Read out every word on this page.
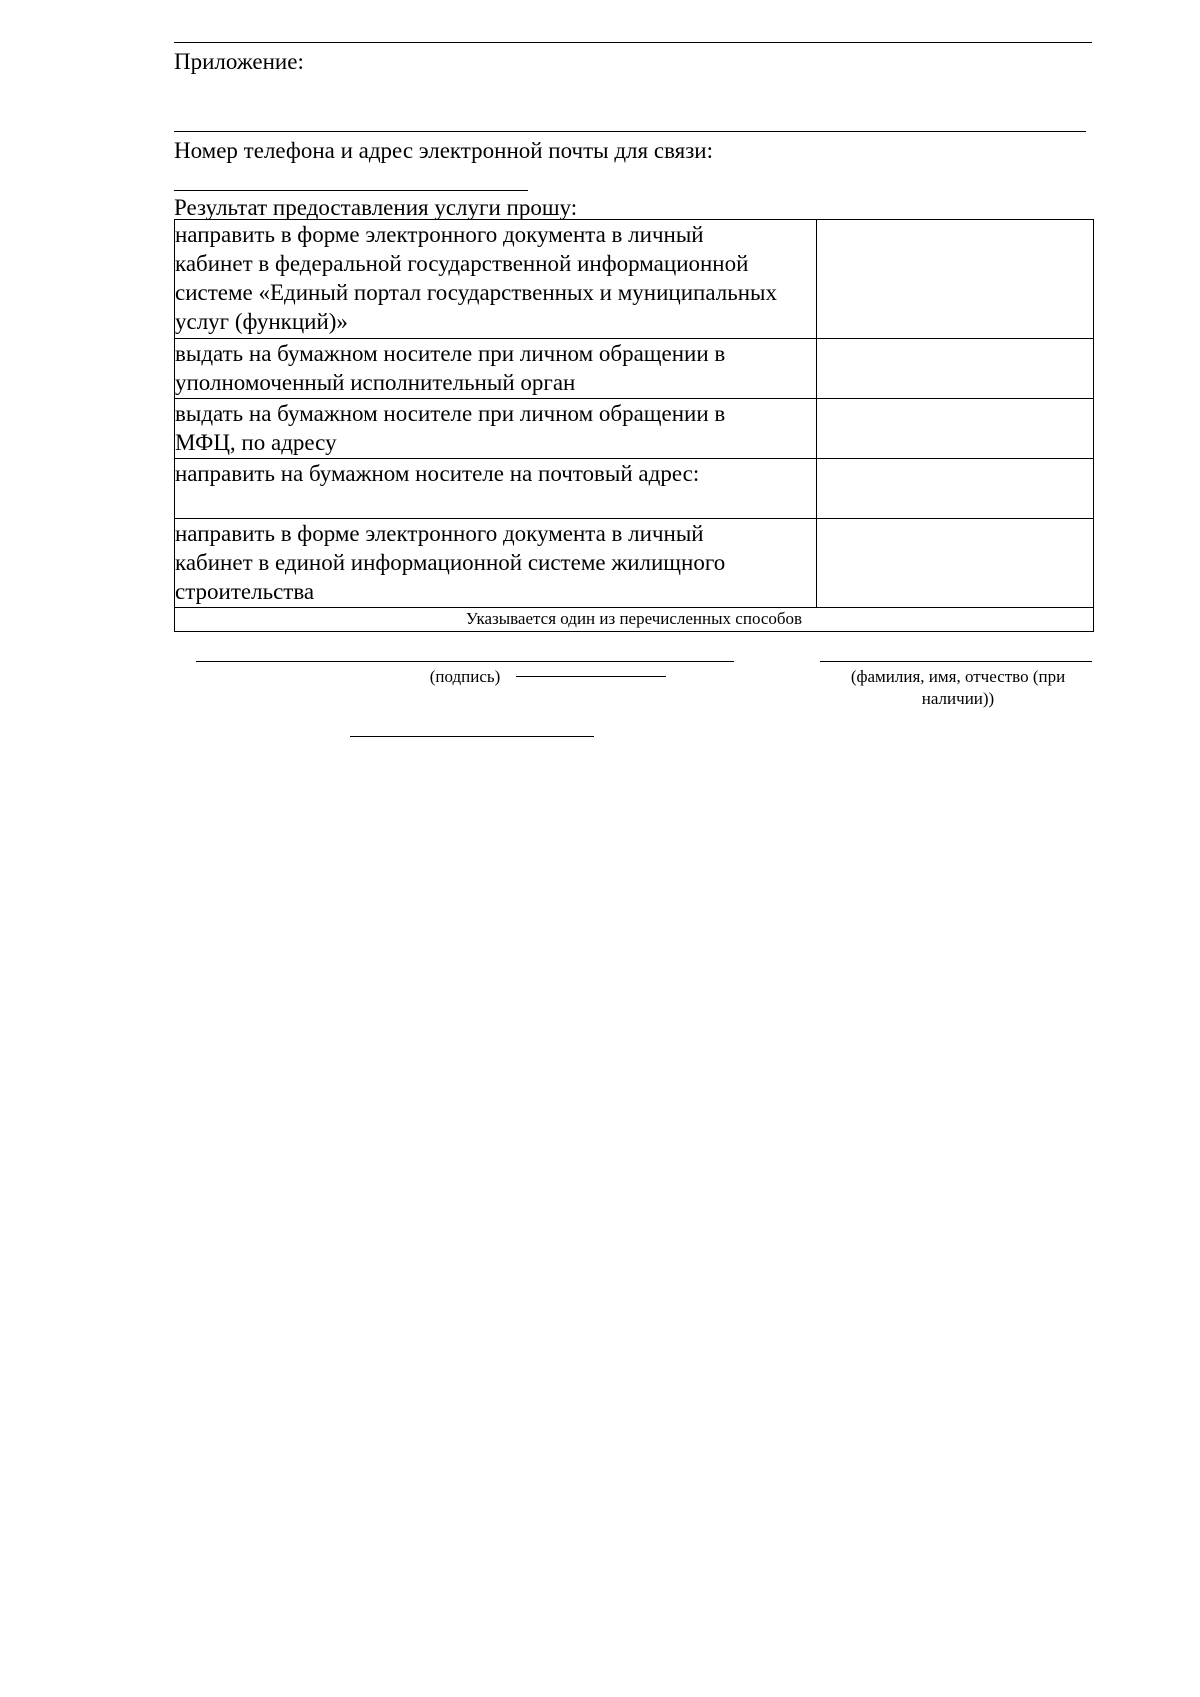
Приложение:
Номер телефона и адрес электронной почты для связи:
Результат предоставления услуги прошу:
направить в форме электронного документа в личный
кабинет в федеральной государственной информационной
системе «Единый портал государственных и муниципальных
услуг (функций)»	

выдать на бумажном носителе при личном обращении в
уполномоченный исполнительный орган	

выдать на бумажном носителе при личном обращении в
МФЦ, по адресу	

направить на бумажном носителе на почтовый адрес:	

направить в форме электронного документа в личный
кабинет в единой информационной системе жилищного
строительства	

Указывается один из перечисленных способов	
(подпись)	(фамилия, имя, отчество (при
наличии))
